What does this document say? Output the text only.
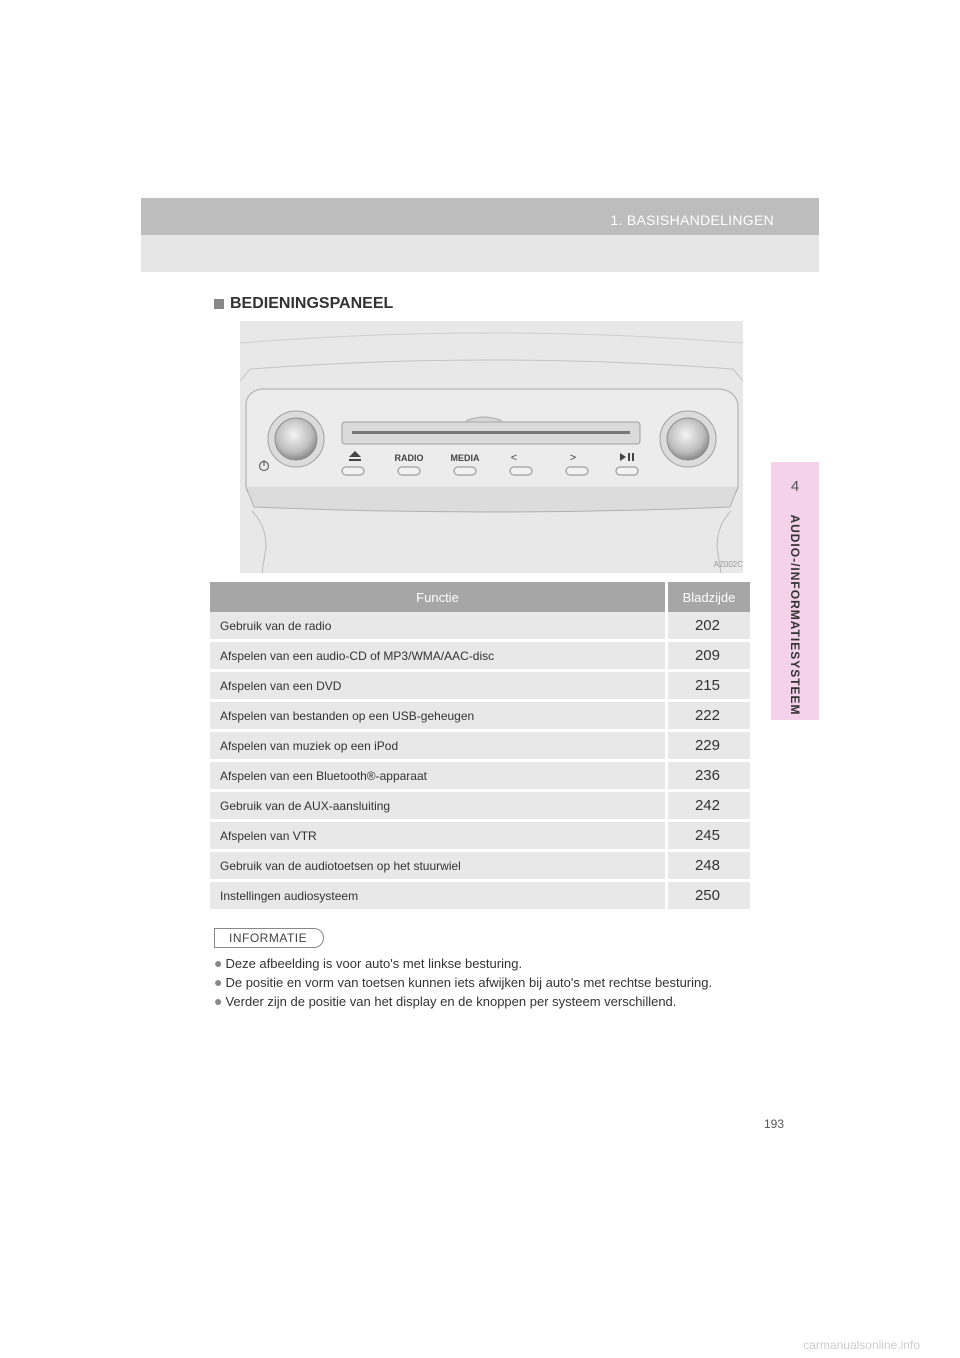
1. BASISHANDELINGEN
4
AUDIO-/INFORMATIESYSTEEM
BEDIENINGSPANEEL
RADIO	MEDIA	<	>
AZ002C
Functie	Bladzijde
Gebruik van de radio	202
Afspelen van een audio-CD of MP3/WMA/AAC-disc	209
Afspelen van een DVD	215
Afspelen van bestanden op een USB-geheugen	222
Afspelen van muziek op een iPod	229
Afspelen van een Bluetooth®-apparaat	236
Gebruik van de AUX-aansluiting	242
Afspelen van VTR	245
Gebruik van de audiotoetsen op het stuurwiel	248
Instellingen audiosysteem	250
INFORMATIE
● Deze afbeelding is voor auto's met linkse besturing.
● De positie en vorm van toetsen kunnen iets afwijken bij auto's met rechtse besturing.
● Verder zijn de positie van het display en de knoppen per systeem verschillend.
193
carmanualsonline.info
